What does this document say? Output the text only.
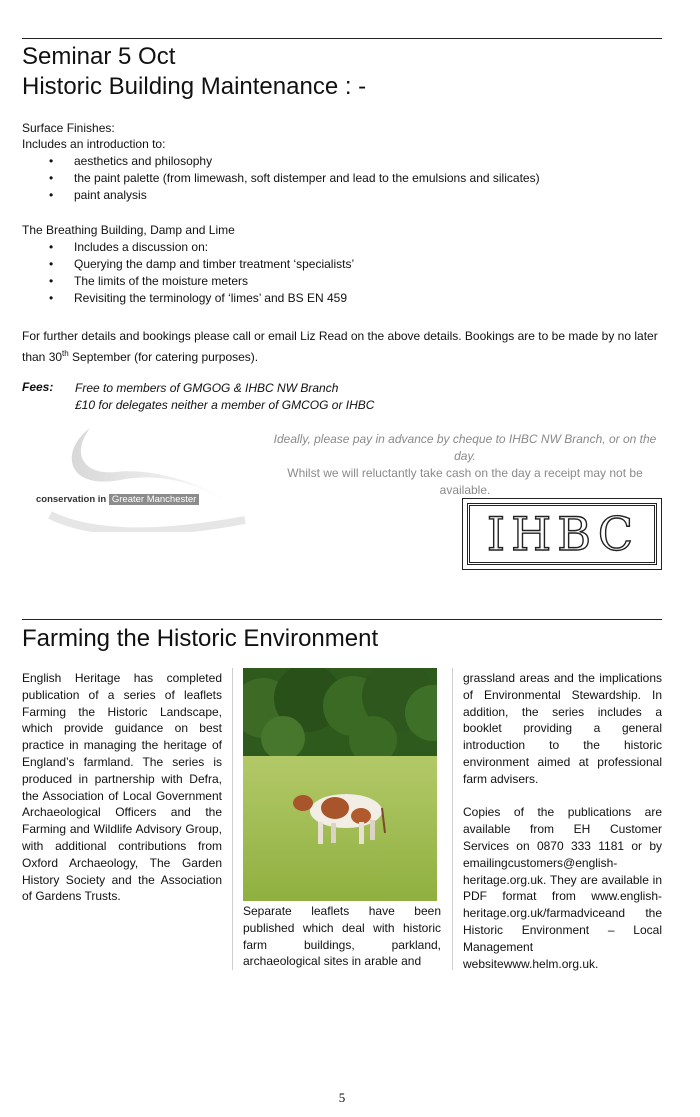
Seminar 5 Oct
Historic Building Maintenance : -
Surface Finishes:
Includes an introduction to:
• aesthetics and philosophy
• the paint palette (from limewash, soft distemper and lead to the emulsions and silicates)
• paint analysis
The Breathing Building, Damp and Lime
• Includes a discussion on:
• Querying the damp and timber treatment ‘specialists’
• The limits of the moisture meters
• Revisiting the terminology of ‘limes’ and BS EN 459
For further details and bookings please call or email Liz Read on the above details. Bookings are to be made by no later than 30th September (for catering purposes).
Fees: Free to members of GMGOG & IHBC NW Branch
£10 for delegates neither a member of GMCOG or IHBC
conservation in Greater Manchester
Ideally, please pay in advance by cheque to IHBC NW Branch, or on the day.
Whilst we will reluctantly take cash on the day a receipt may not be available.
IHBC
Farming the Historic Environment

English Heritage has completed publication of a series of leaflets Farming the Historic Landscape, which provide guidance on best practice in managing the heritage of England’s farmland. The series is produced in partnership with Defra, the Association of Local Government Archaeological Officers and the Farming and Wildlife Advisory Group, with additional contributions from Oxford Archaeology, The Garden History Society and the Association of Gardens Trusts.

Separate leaflets have been published which deal with historic farm buildings, parkland, archaeological sites in arable and

grassland areas and the implications of Environmental Stewardship. In addition, the series includes a booklet providing a general introduction to the historic environment aimed at professional farm advisers.

Copies of the publications are available from EH Customer Services on 0870 333 1181 or by emailingcustomers@english-heritage.org.uk. They are available in PDF format from www.english-heritage.org.uk/farmadviceand the Historic Environment – Local Management websitewww.helm.org.uk.

5
